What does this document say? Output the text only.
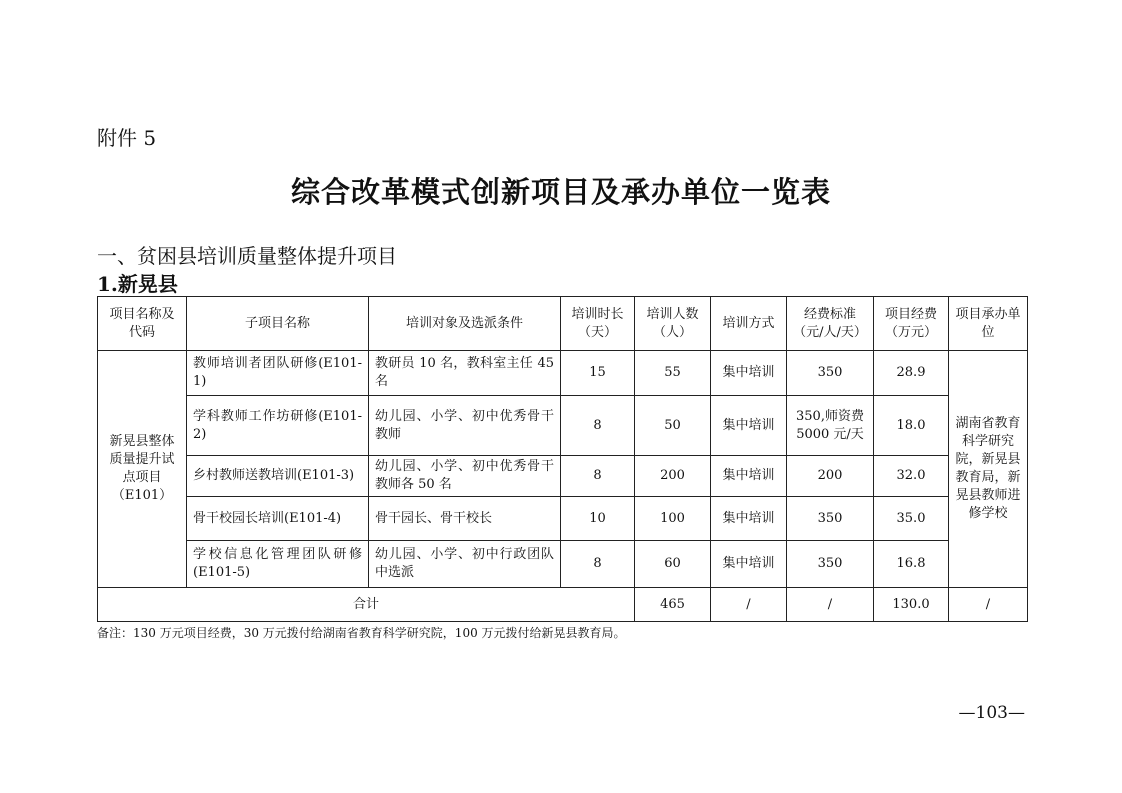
附件 5
综合改革模式创新项目及承办单位一览表
一、贫困县培训质量整体提升项目
1.新晃县
项目名称及代码	子项目名称	培训对象及选派条件	培训时长（天）	培训人数（人）	培训方式	经费标准（元/人/天）	项目经费（万元）	项目承办单位
新晃县整体质量提升试点项目（E101）	教师培训者团队研修(E101-1)	教研员 10 名，教科室主任 45 名	15	55	集中培训	350	28.9	湖南省教育科学研究院，新晃县教育局，新晃县教师进修学校
	学科教师工作坊研修(E101-2)	幼儿园、小学、初中优秀骨干教师	8	50	集中培训	350,师资费5000 元/天	18.0	
	乡村教师送教培训(E101-3)	幼儿园、小学、初中优秀骨干教师各 50 名	8	200	集中培训	200	32.0	
	骨干校园长培训(E101-4)	骨干园长、骨干校长	10	100	集中培训	350	35.0	
	学校信息化管理团队研修(E101-5)	幼儿园、小学、初中行政团队中选派	8	60	集中培训	350	16.8	
合计				465	/	/	130.0	/
备注：130 万元项目经费，30 万元拨付给湖南省教育科学研究院，100 万元拨付给新晃县教育局。
—103—
